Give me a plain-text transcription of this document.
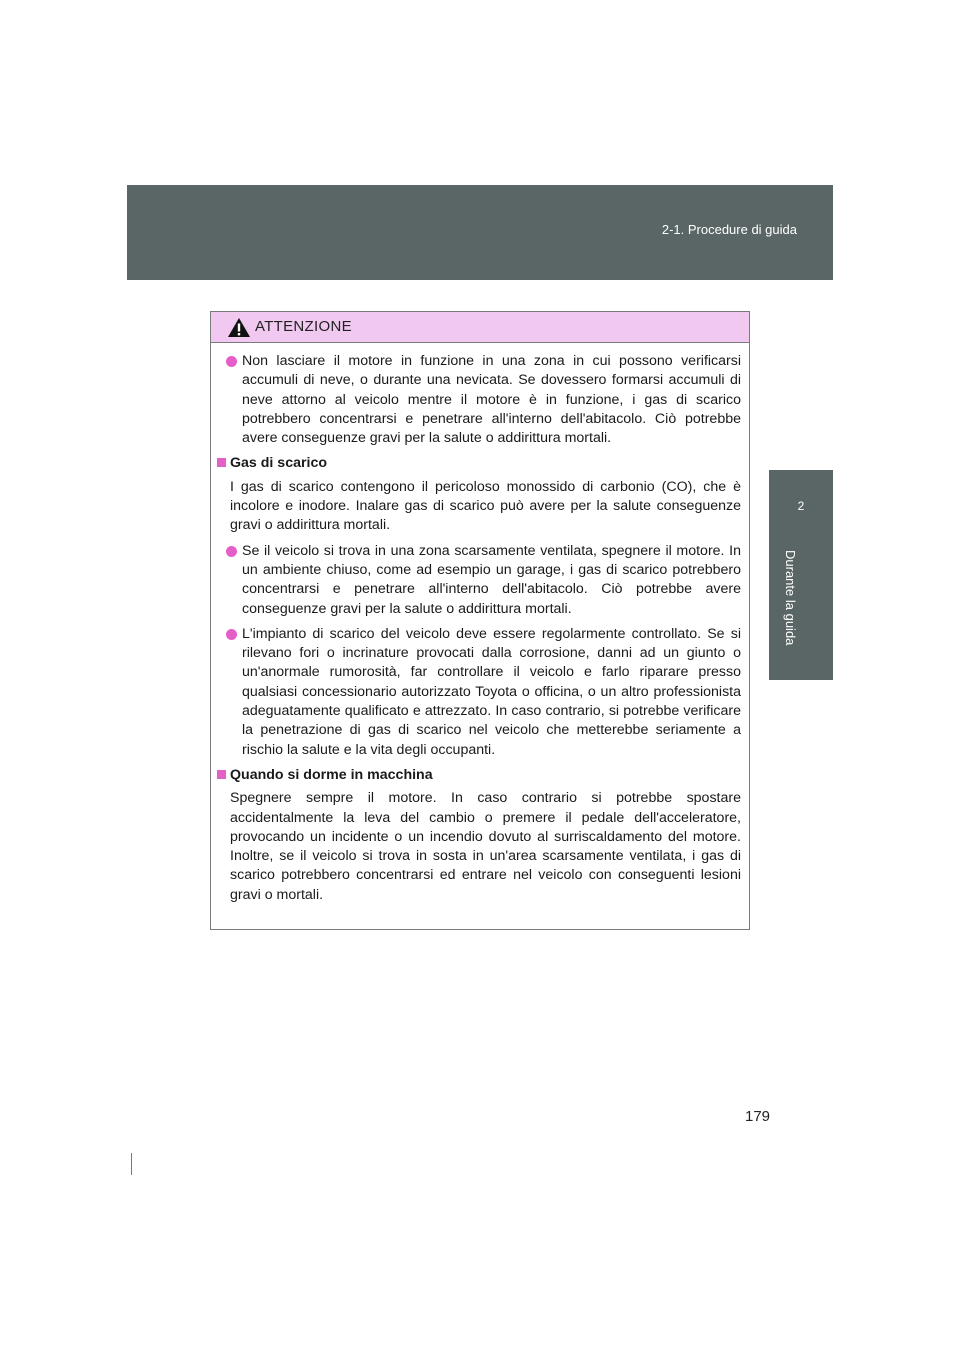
2-1. Procedure di guida
2
Durante la guida
ATTENZIONE
Non lasciare il motore in funzione in una zona in cui possono verificarsi accumuli di neve, o durante una nevicata. Se dovessero formarsi accumuli di neve attorno al veicolo mentre il motore è in funzione, i gas di scarico potrebbero concentrarsi e penetrare all'interno dell'abitacolo. Ciò potrebbe avere conseguenze gravi per la salute o addirittura mortali.
Gas di scarico
I gas di scarico contengono il pericoloso monossido di carbonio (CO), che è incolore e inodore. Inalare gas di scarico può avere per la salute conseguenze gravi o addirittura mortali.
Se il veicolo si trova in una zona scarsamente ventilata, spegnere il motore. In un ambiente chiuso, come ad esempio un garage, i gas di scarico potrebbero concentrarsi e penetrare all'interno dell'abitacolo. Ciò potrebbe avere conseguenze gravi per la salute o addirittura mortali.
L'impianto di scarico del veicolo deve essere regolarmente controllato. Se si rilevano fori o incrinature provocati dalla corrosione, danni ad un giunto o un'anormale rumorosità, far controllare il veicolo e farlo riparare presso qualsiasi concessionario autorizzato Toyota o officina, o un altro professionista adeguatamente qualificato e attrezzato. In caso contrario, si potrebbe verificare la penetrazione di gas di scarico nel veicolo che metterebbe seriamente a rischio la salute e la vita degli occupanti.
Quando si dorme in macchina
Spegnere sempre il motore. In caso contrario si potrebbe spostare accidentalmente la leva del cambio o premere il pedale dell'acceleratore, provocando un incidente o un incendio dovuto al surriscaldamento del motore. Inoltre, se il veicolo si trova in sosta in un'area scarsamente ventilata, i gas di scarico potrebbero concentrarsi ed entrare nel veicolo con conseguenti lesioni gravi o mortali.
179
